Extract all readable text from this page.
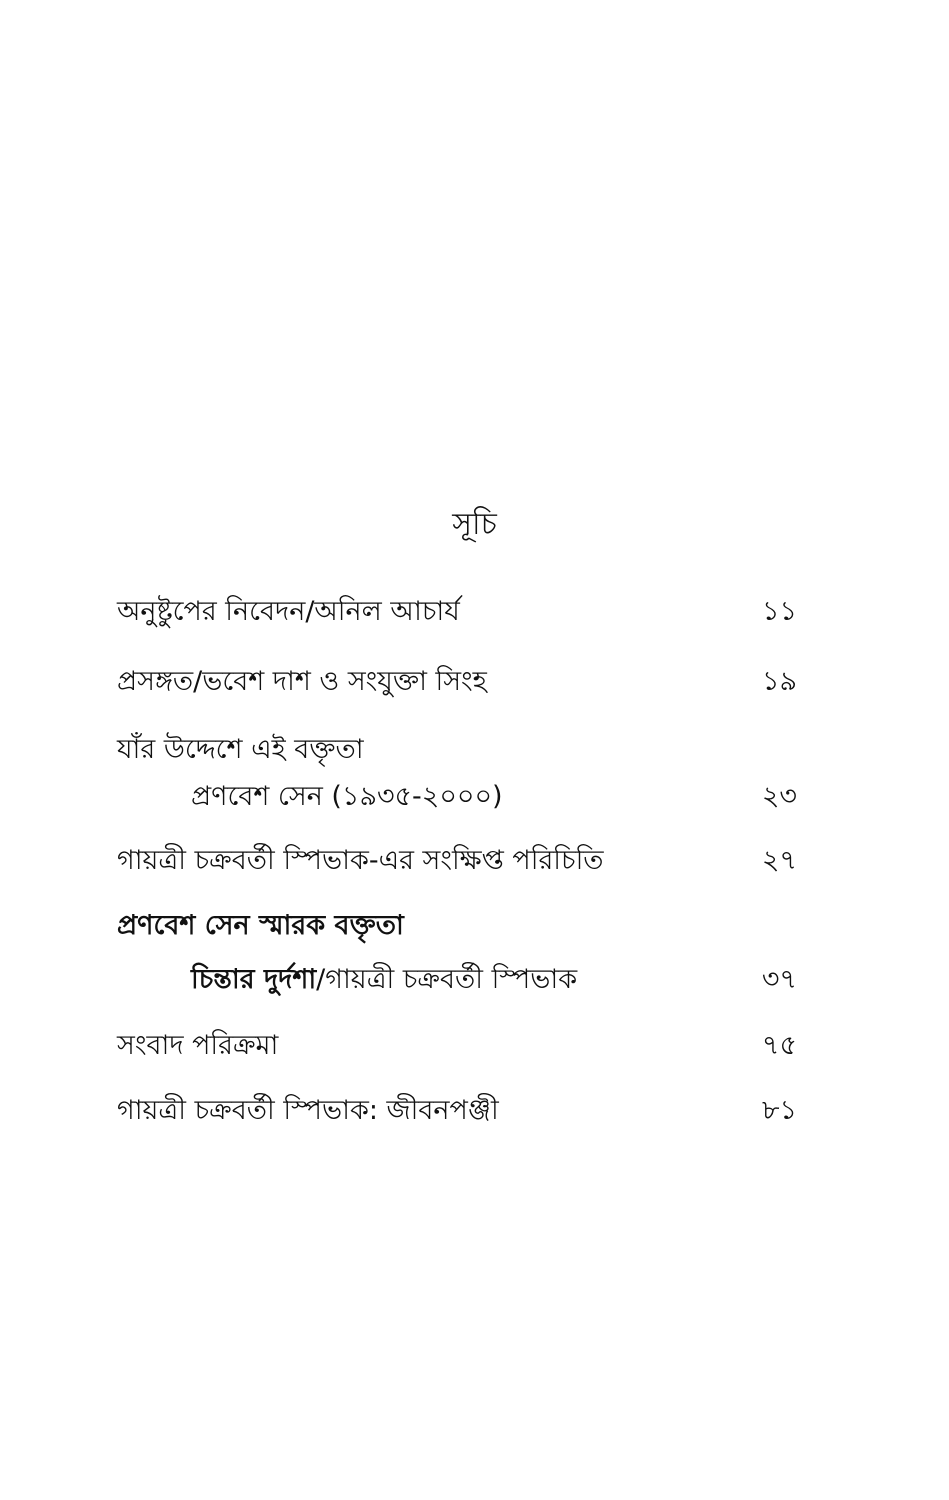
সূচি
অনুষ্টুপের নিবেদন/অনিল আচার্য	১১
প্রসঙ্গত/ভবেশ দাশ ও সংযুক্তা সিংহ	১৯
যাঁর উদ্দেশে এই বক্তৃতা
প্রণবেশ সেন (১৯৩৫-২০০০)	২৩
গায়ত্রী চক্রবর্তী স্পিভাক-এর সংক্ষিপ্ত পরিচিতি	২৭
প্রণবেশ সেন স্মারক বক্তৃতা
চিন্তার দুর্দশা/গায়ত্রী চক্রবর্তী স্পিভাক	৩৭
সংবাদ পরিক্রমা	৭৫
গায়ত্রী চক্রবর্তী স্পিভাক: জীবনপঞ্জী	৮১
